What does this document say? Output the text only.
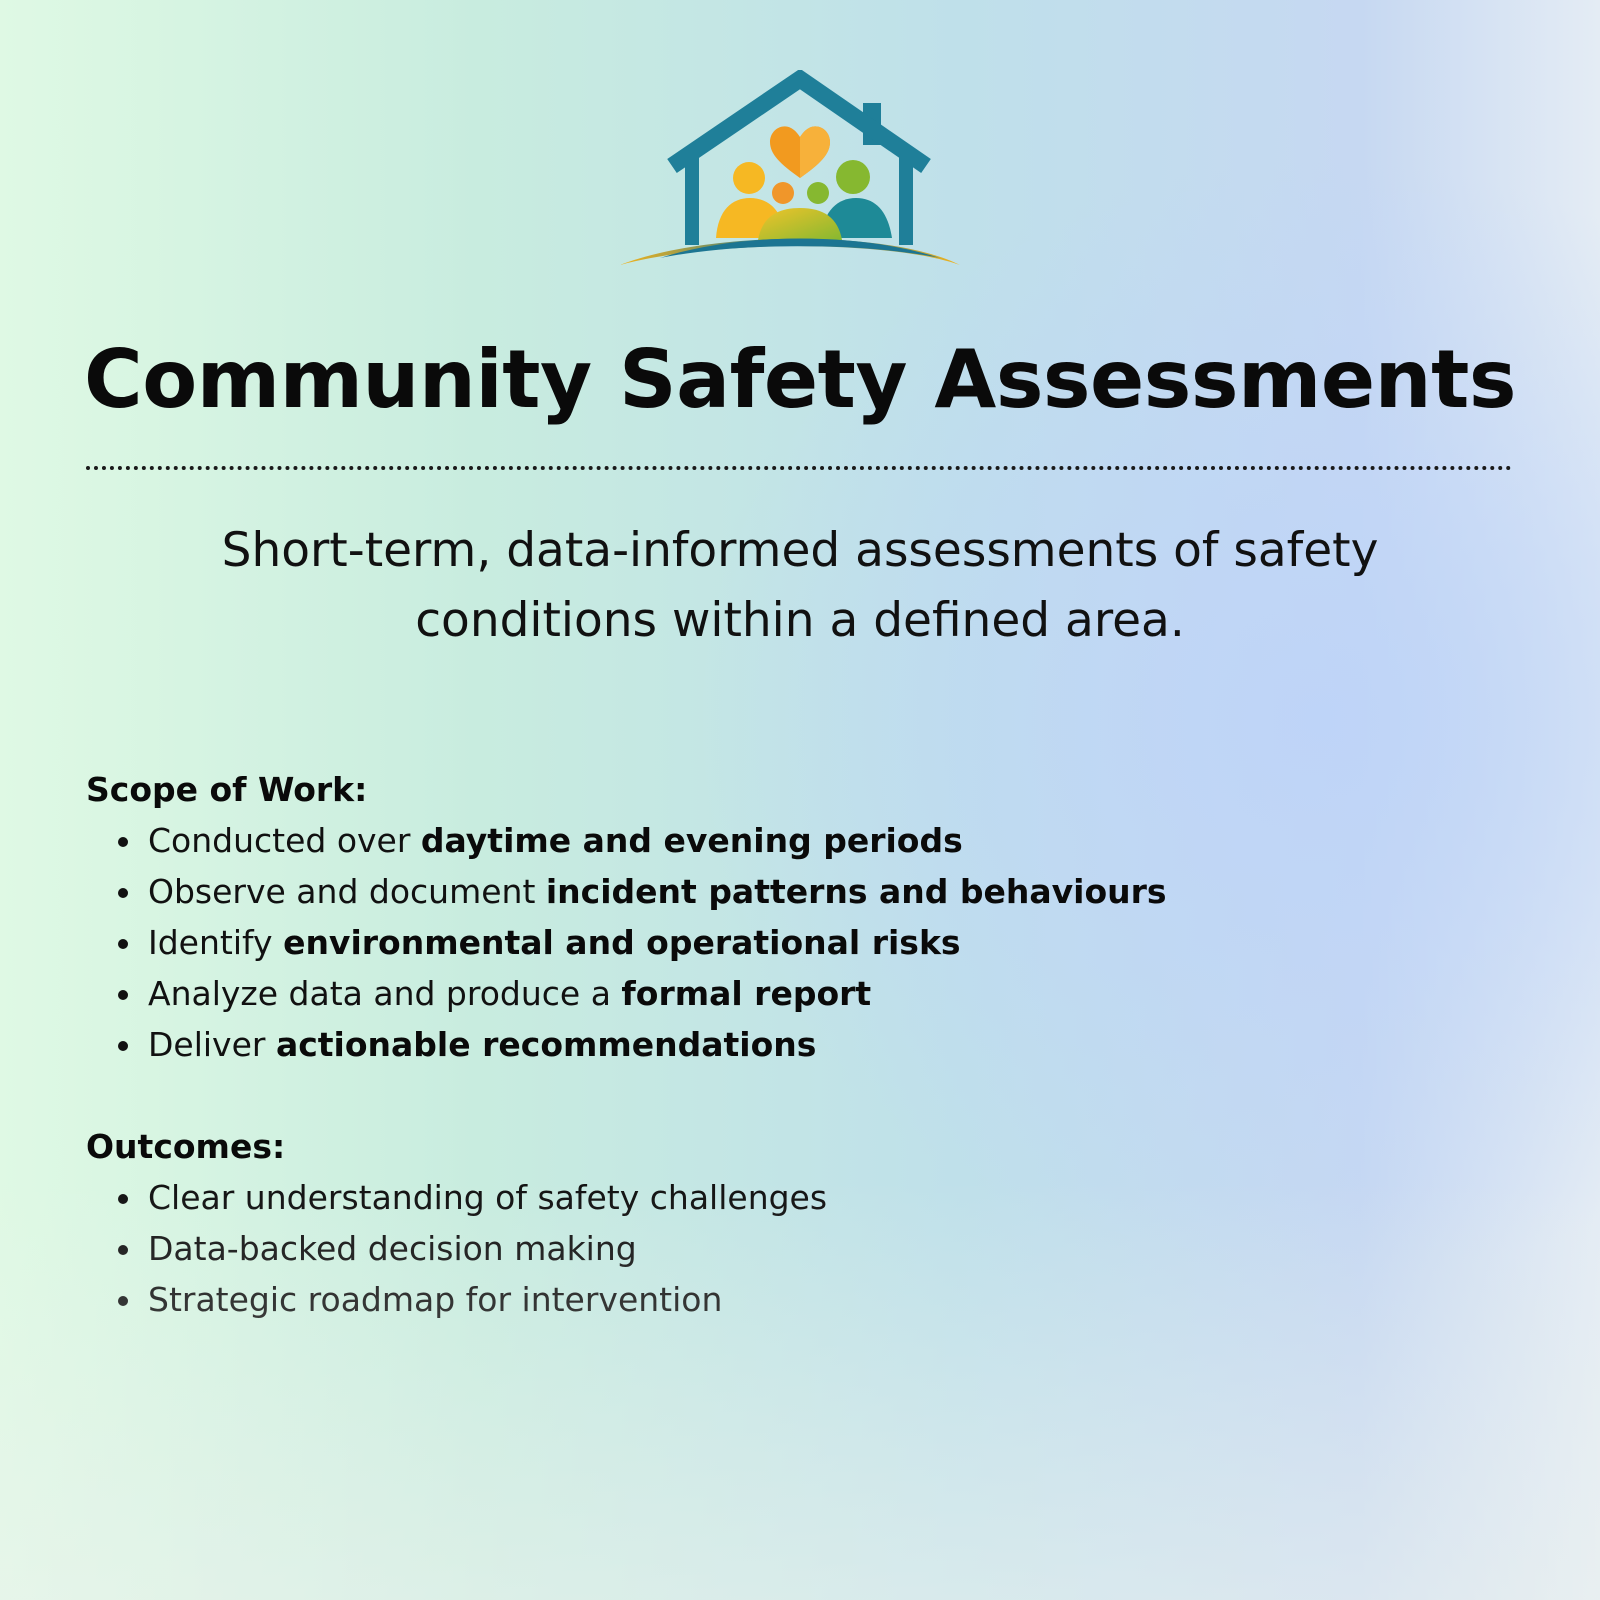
Community Safety Assessments
Short-term, data-informed assessments of safety conditions within a defined area.

Scope of Work:

Conducted over daytime and evening periods
Observe and document incident patterns and behaviours
Identify environmental and operational risks
Analyze data and produce a formal report
Deliver actionable recommendations

Outcomes:

Clear understanding of safety challenges
Data-backed decision making
Strategic roadmap for intervention
